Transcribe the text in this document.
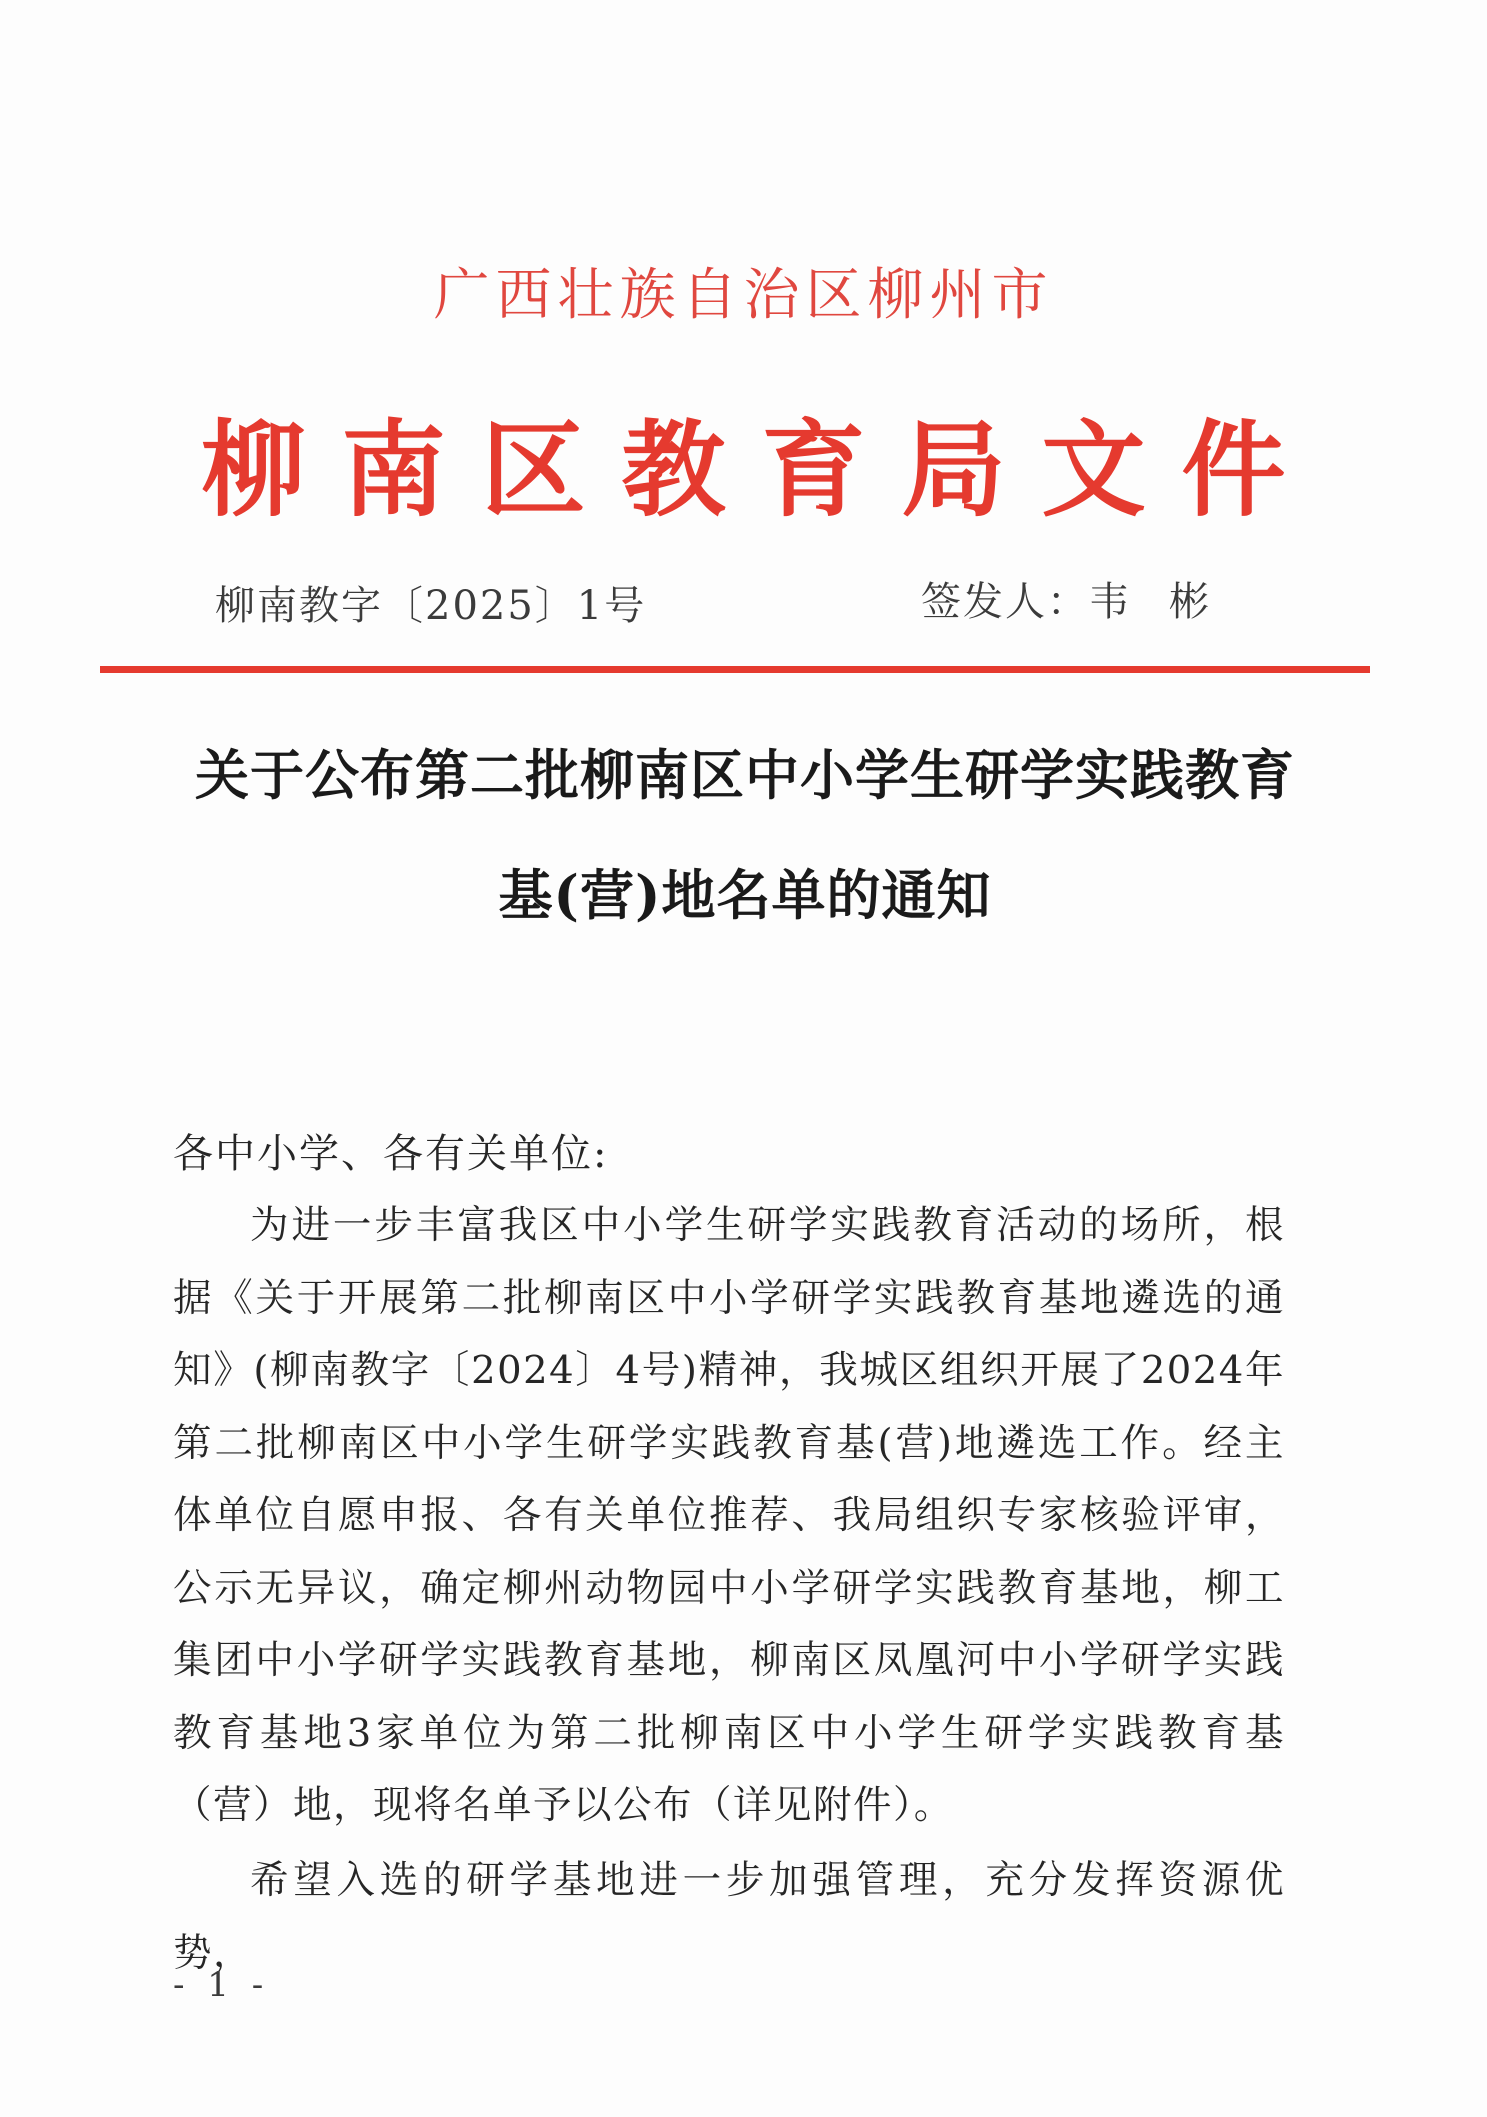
广西壮族自治区柳州市
柳南区教育局文件
柳南教字〔2025〕1号	签发人：韦彬
关于公布第二批柳南区中小学生研学实践教育
基(营)地名单的通知
各中小学、各有关单位:

为进一步丰富我区中小学生研学实践教育活动的场所，根据《关于开展第二批柳南区中小学研学实践教育基地遴选的通知》(柳南教字〔2024〕4号)精神，我城区组织开展了2024年第二批柳南区中小学生研学实践教育基(营)地遴选工作。经主体单位自愿申报、各有关单位推荐、我局组织专家核验评审，公示无异议，确定柳州动物园中小学研学实践教育基地，柳工集团中小学研学实践教育基地，柳南区凤凰河中小学研学实践教育基地3家单位为第二批柳南区中小学生研学实践教育基（营）地，现将名单予以公布（详见附件）。

希望入选的研学基地进一步加强管理，充分发挥资源优势，

- 1 -
